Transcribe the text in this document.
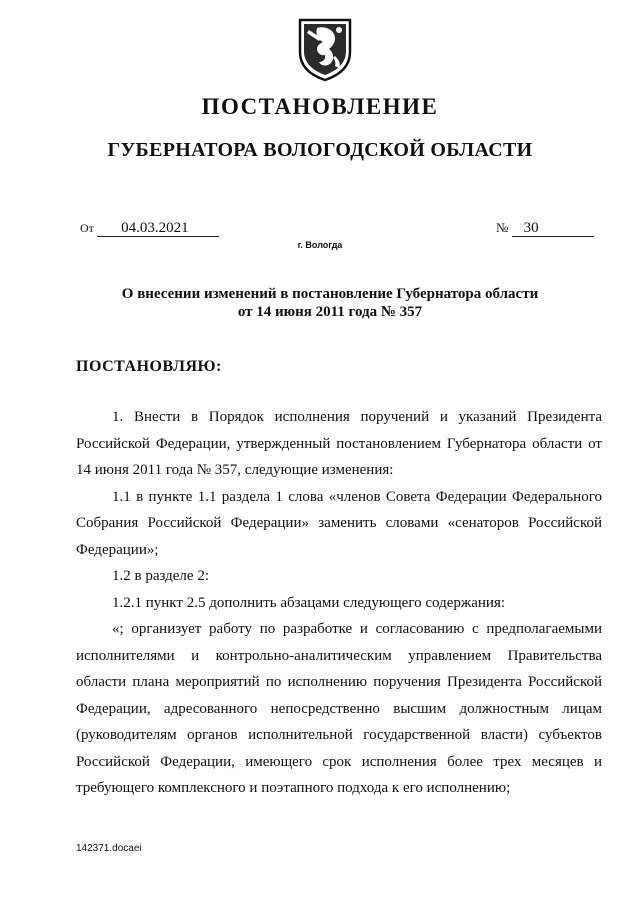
ПОСТАНОВЛЕНИЕ
ГУБЕРНАТОРА ВОЛОГОДСКОЙ ОБЛАСТИ
От 04.03.2021	№ 30
г. Вологда
О внесении изменений в постановление Губернатора области
от 14 июня 2011 года № 357
ПОСТАНОВЛЯЮ:

1. Внести в Порядок исполнения поручений и указаний Президента Российской Федерации, утвержденный постановлением Губернатора области от 14 июня 2011 года № 357, следующие изменения:

1.1 в пункте 1.1 раздела 1 слова «членов Совета Федерации Федерального Собрания Российской Федерации» заменить словами «сенаторов Российской Федерации»;

1.2 в разделе 2:

1.2.1 пункт 2.5 дополнить абзацами следующего содержания:

«; организует работу по разработке и согласованию с предполагаемыми исполнителями и контрольно-аналитическим управлением Правительства области плана мероприятий по исполнению поручения Президента Российской Федерации, адресованного непосредственно высшим должностным лицам (руководителям органов исполнительной государственной власти) субъектов Российской Федерации, имеющего срок исполнения более трех месяцев и требующего комплексного и поэтапного подхода к его исполнению;

142371.docaei
